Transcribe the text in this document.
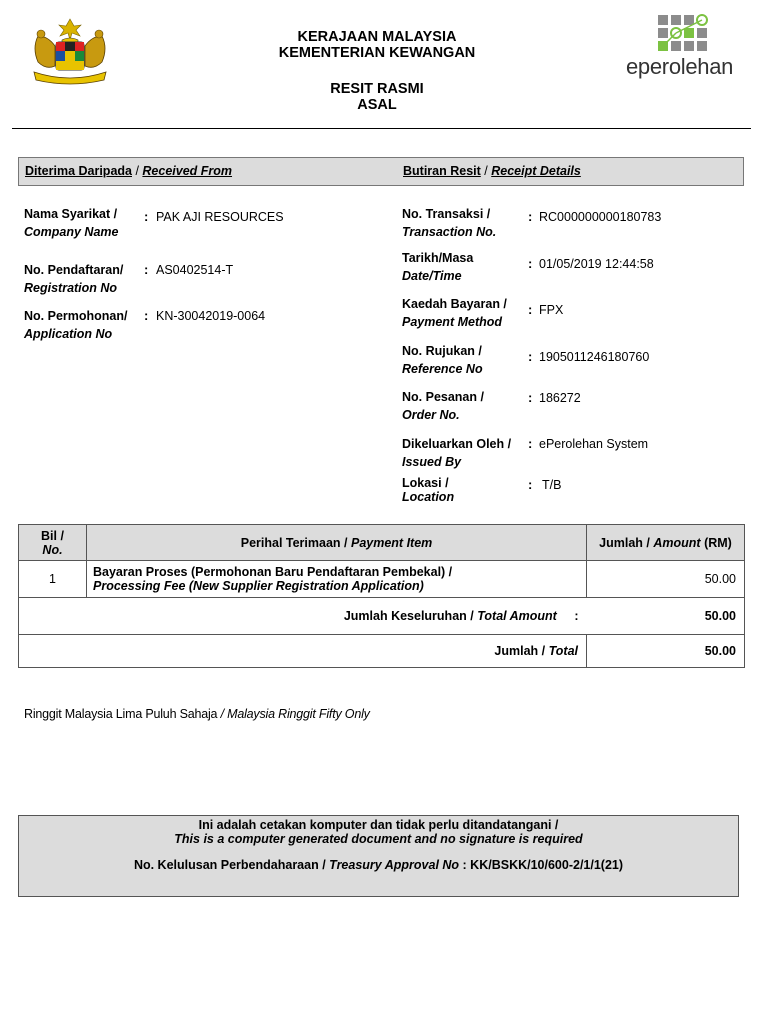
KERAJAAN MALAYSIA
KEMENTERIAN KEWANGAN
RESIT RASMI
ASAL
eperolehan
Diterima Daripada / Received From	Butiran Resit / Receipt Details
Nama Syarikat /
Company Name
: PAK AJI RESOURCES
No. Pendaftaran/
Registration No
: AS0402514-T
No. Permohonan/
Application No
: KN-30042019-0064
No. Transaksi /
Transaction No.
: RC000000000180783
Tarikh/Masa
Date/Time
: 01/05/2019 12:44:58
Kaedah Bayaran /
Payment Method
: FPX
No. Rujukan /
Reference No
: 1905011246180760
No. Pesanan /
Order No.
: 186272
Dikeluarkan Oleh /
Issued By
: ePerolehan System
Lokasi /
Location
: T/B
Bil /
No.	Perihal Terimaan / Payment Item	Jumlah / Amount (RM)
1	Bayaran Proses (Permohonan Baru Pendaftaran Pembekal) /
Processing Fee (New Supplier Registration Application)	50.00
Jumlah Keseluruhan / Total Amount :		50.00
Jumlah / Total		50.00
Ringgit Malaysia Lima Puluh Sahaja / Malaysia Ringgit Fifty Only
Ini adalah cetakan komputer dan tidak perlu ditandatangani /
This is a computer generated document and no signature is required
No. Kelulusan Perbendaharaan / Treasury Approval No : KK/BSKK/10/600-2/1/1(21)
